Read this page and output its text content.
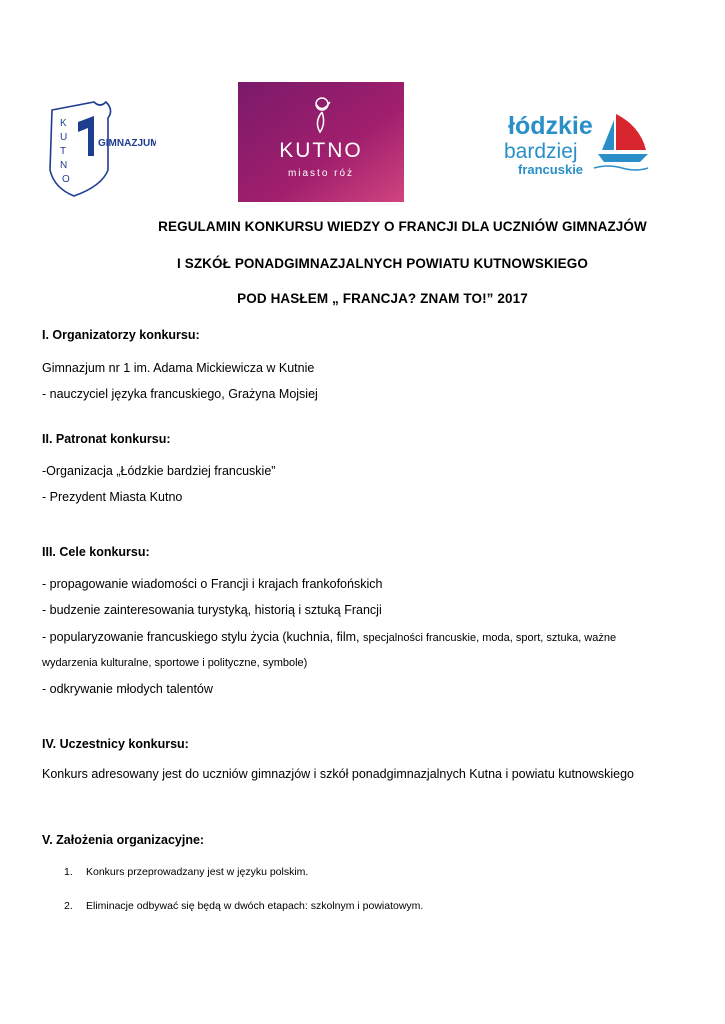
K
U
T
N
O
GIMNAZJUM	KUTNO
miasto róż
łódzkie
bardziej
francuskie
REGULAMIN KONKURSU WIEDZY O FRANCJI DLA UCZNIÓW GIMNAZJÓW
I SZKÓŁ PONADGIMNAZJALNYCH POWIATU KUTNOWSKIEGO
POD HASŁEM „ FRANCJA? ZNAM TO!” 2017
I. Organizatorzy konkursu:
Gimnazjum nr 1 im. Adama Mickiewicza w Kutnie
- nauczyciel języka francuskiego, Grażyna Mojsiej
II. Patronat konkursu:
-Organizacja „Łódzkie bardziej francuskie”
- Prezydent Miasta Kutno
III. Cele konkursu:
- propagowanie wiadomości o Francji i krajach frankofońskich
- budzenie zainteresowania turystyką, historią i sztuką Francji
- popularyzowanie francuskiego stylu życia (kuchnia, film, specjalności francuskie, moda, sport, sztuka, ważne
wydarzenia kulturalne, sportowe i polityczne, symbole)
- odkrywanie młodych talentów
IV. Uczestnicy konkursu:
Konkurs adresowany jest do uczniów gimnazjów i szkół ponadgimnazjalnych Kutna i powiatu kutnowskiego
V. Założenia organizacyjne:
1. Konkurs przeprowadzany jest w języku polskim.
2. Eliminacje odbywać się będą w dwóch etapach: szkolnym i powiatowym.
